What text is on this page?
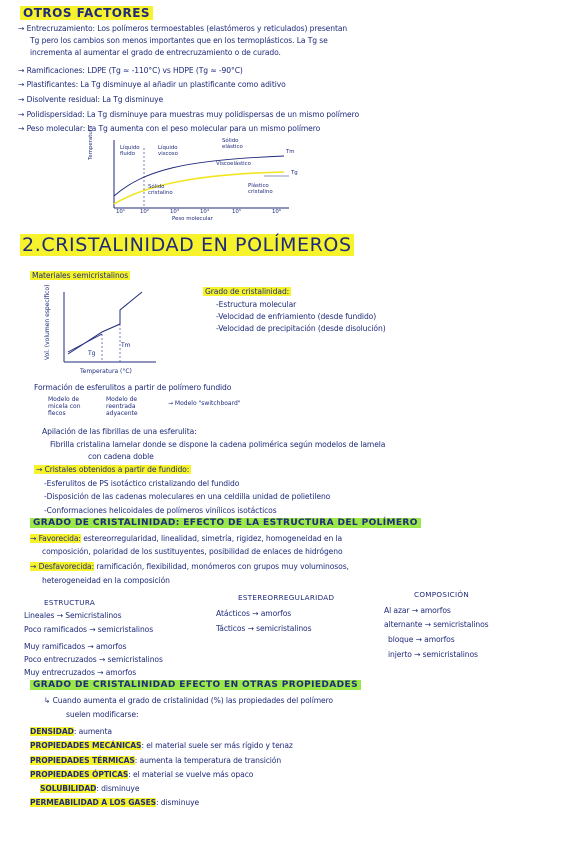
OTROS FACTORES
→ Entrecruzamiento: Los polímeros termoestables (elastómeros y reticulados) presentan
Tg pero los cambios son menos importantes que en los termoplásticos. La Tg se
incrementa al aumentar el grado de entrecruzamiento o de curado.
→ Ramificaciones: LDPE (Tg ≈ -110°C) vs HDPE (Tg ≈ -90°C)
→ Plastificantes: La Tg disminuye al añadir un plastificante como aditivo
→ Disolvente residual: La Tg disminuye
→ Polidispersidad: La Tg disminuye para muestras muy polidispersas de un mismo polímero
→ Peso molecular: La Tg aumenta con el peso molecular para un mismo polímero
Temperatura	Líquido fluido
Líquido viscoso
Sólido elástico
Viscoelástico
Plástico cristalino
Sólido cristalino
Tm
Tg
10¹	10²	10³	10⁴	10⁵	10⁶
Peso molecular
2.CRISTALINIDAD EN POLÍMEROS
Materiales semicristalinos
Vol. (volumen específico)	Tg
Tm
Temperatura (°C)
Grado de cristalinidad:
-Estructura molecular
-Velocidad de enfriamiento (desde fundido)
-Velocidad de precipitación (desde disolución)
Formación de esferulitos a partir de polímero fundido
Modelo de micela con flecos
Modelo de reentrada adyacente
→ Modelo "switchboard"
Apilación de las fibrillas de una esferulita:
Fibrilla cristalina lamelar donde se dispone la cadena polimérica según modelos de lamela
con cadena doble
→ Cristales obtenidos a partir de fundido:
-Esferulitos de PS isotáctico cristalizando del fundido
-Disposición de las cadenas moleculares en una celdilla unidad de polietileno
-Conformaciones helicoidales de polímeros vinílicos isotácticos
GRADO DE CRISTALINIDAD: EFECTO DE LA ESTRUCTURA DEL POLÍMERO
→ Favorecida: estereorregularidad, linealidad, simetría, rigidez, homogeneidad en la
composición, polaridad de los sustituyentes, posibilidad de enlaces de hidrógeno
→ Desfavorecida: ramificación, flexibilidad, monómeros con grupos muy voluminosos,
heterogeneidad en la composición
ESTRUCTURA
Lineales → Semicristalinos
Poco ramificados → semicristalinos
Muy ramificados → amorfos
Poco entrecruzados → semicristalinos
Muy entrecruzados → amorfos
ESTEREORREGULARIDAD
Atácticos → amorfos
Tácticos → semicristalinos
COMPOSICIÓN
Al azar → amorfos
alternante → semicristalinos
bloque → amorfos
injerto → semicristalinos
GRADO DE CRISTALINIDAD EFECTO EN OTRAS PROPIEDADES
↳ Cuando aumenta el grado de cristalinidad (%) las propiedades del polímero
suelen modificarse:
DENSIDAD: aumenta
PROPIEDADES MECÁNICAS: el material suele ser más rígido y tenaz
PROPIEDADES TÉRMICAS: aumenta la temperatura de transición
PROPIEDADES ÓPTICAS: el material se vuelve más opaco
SOLUBILIDAD: disminuye
PERMEABILIDAD A LOS GASES: disminuye
